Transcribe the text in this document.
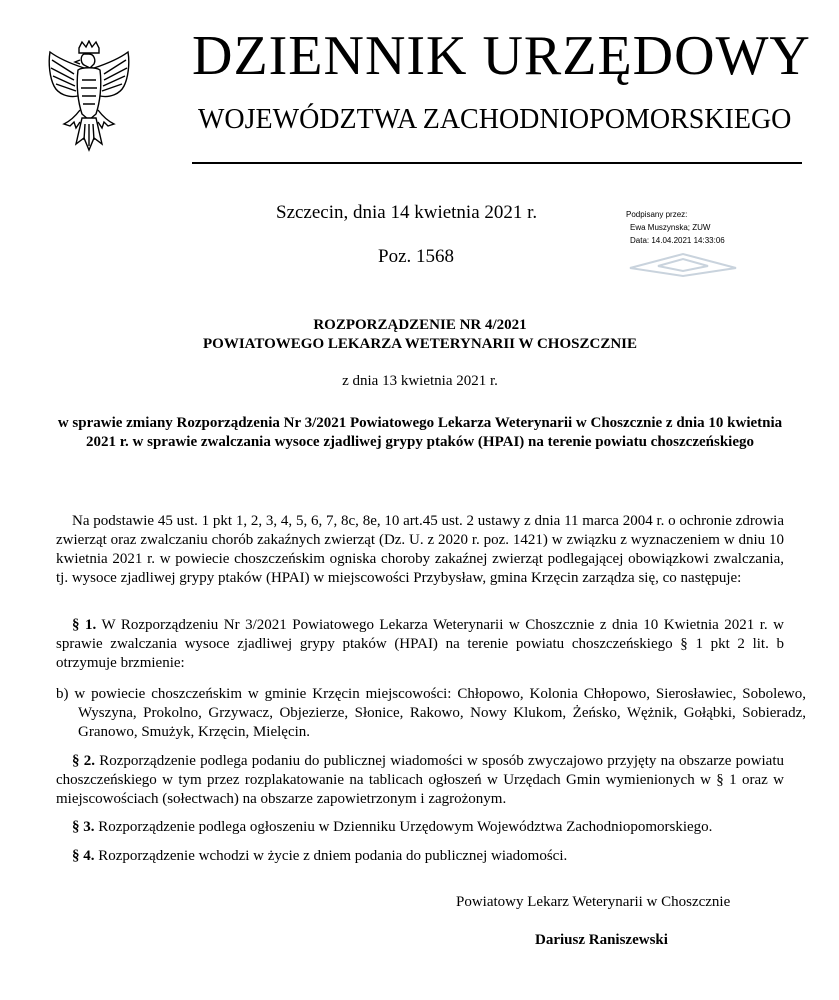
DZIENNIK URZĘDOWY
WOJEWÓDZTWA ZACHODNIOPOMORSKIEGO
Szczecin, dnia 14 kwietnia 2021 r.
Poz. 1568
Podpisany przez:
Ewa Muszynska; ZUW
Data: 14.04.2021 14:33:06
ROZPORZĄDZENIE NR 4/2021
POWIATOWEGO LEKARZA WETERYNARII W CHOSZCZNIE
z dnia 13 kwietnia 2021 r.
w sprawie zmiany Rozporządzenia Nr 3/2021 Powiatowego Lekarza Weterynarii w Choszcznie z dnia 10 kwietnia 2021 r. w sprawie zwalczania wysoce zjadliwej grypy ptaków (HPAI) na terenie powiatu choszczeńskiego
Na podstawie 45 ust. 1 pkt 1, 2, 3, 4, 5, 6, 7, 8c, 8e, 10 art.45 ust. 2 ustawy z dnia 11 marca 2004 r. o ochronie zdrowia zwierząt oraz zwalczaniu chorób zakaźnych zwierząt (Dz. U. z 2020 r. poz. 1421) w związku z wyznaczeniem w dniu 10 kwietnia 2021 r. w powiecie choszczeńskim ogniska choroby zakaźnej zwierząt podlegającej obowiązkowi zwalczania, tj. wysoce zjadliwej grypy ptaków (HPAI) w miejscowości Przybysław, gmina Krzęcin zarządza się, co następuje:
§ 1. W Rozporządzeniu Nr 3/2021 Powiatowego Lekarza Weterynarii w Choszcznie z dnia 10 Kwietnia 2021 r. w sprawie zwalczania wysoce zjadliwej grypy ptaków (HPAI) na terenie powiatu choszczeńskiego § 1 pkt 2 lit. b otrzymuje brzmienie:
b) w powiecie choszczeńskim w gminie Krzęcin miejscowości: Chłopowo, Kolonia Chłopowo, Sierosławiec, Sobolewo, Wyszyna, Prokolno, Grzywacz, Objezierze, Słonice, Rakowo, Nowy Klukom, Żeńsko, Wężnik, Gołąbki, Sobieradz, Granowo, Smużyk, Krzęcin, Mielęcin.
§ 2. Rozporządzenie podlega podaniu do publicznej wiadomości w sposób zwyczajowo przyjęty na obszarze powiatu choszczeńskiego w tym przez rozplakatowanie na tablicach ogłoszeń w Urzędach Gmin wymienionych w § 1 oraz w miejscowościach (sołectwach) na obszarze zapowietrzonym i zagrożonym.
§ 3. Rozporządzenie podlega ogłoszeniu w Dzienniku Urzędowym Województwa Zachodniopomorskiego.
§ 4. Rozporządzenie wchodzi w życie z dniem podania do publicznej wiadomości.
Powiatowy Lekarz Weterynarii w Choszcznie
Dariusz Raniszewski
